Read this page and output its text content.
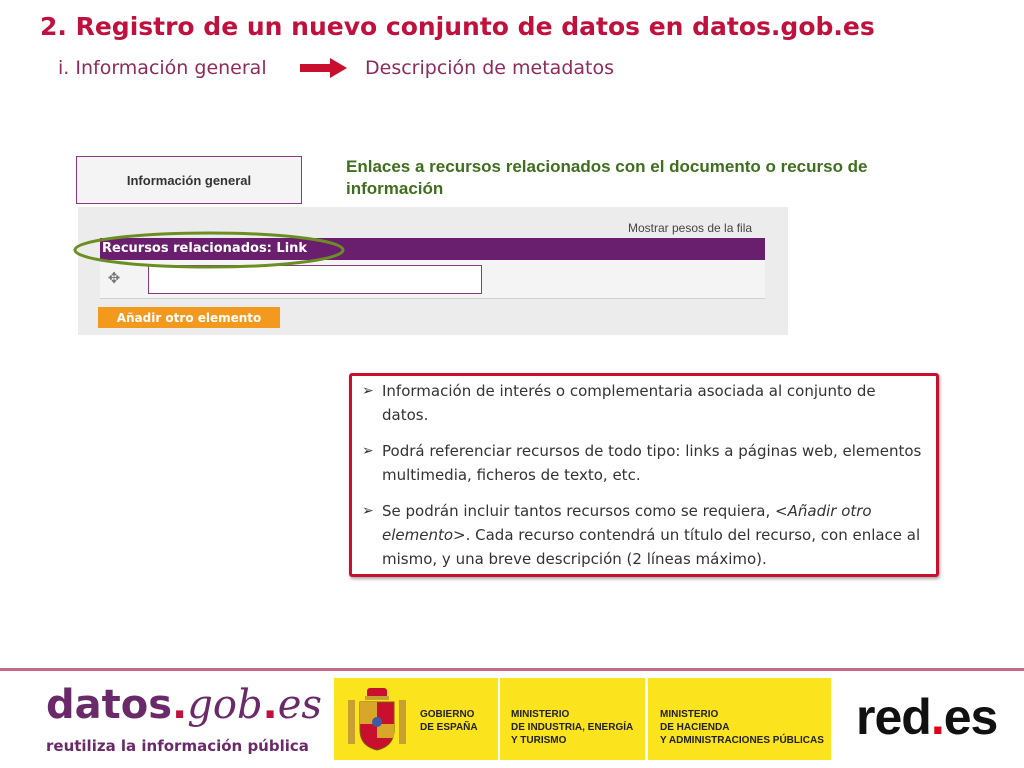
2. Registro de un nuevo conjunto de datos en datos.gob.es
i. Información general	Descripción de metadatos
Información general
Enlaces a recursos relacionados con el documento o recurso de información
Mostrar pesos de la fila
Recursos relacionados: Link
✥
Añadir otro elemento
➢ Información de interés o complementaria asociada al conjunto de datos.
➢ Podrá referenciar recursos de todo tipo: links a páginas web, elementos multimedia, ficheros de texto, etc.
➢ Se podrán incluir tantos recursos como se requiera, <Añadir otro elemento>. Cada recurso contendrá un título del recurso, con enlace al mismo, y una breve descripción (2 líneas máximo).
datos.gob.es
reutiliza la información pública
GOBIERNO
DE ESPAÑA
MINISTERIO
DE INDUSTRIA, ENERGÍA
Y TURISMO
MINISTERIO
DE HACIENDA
Y ADMINISTRACIONES PÚBLICAS red.es
